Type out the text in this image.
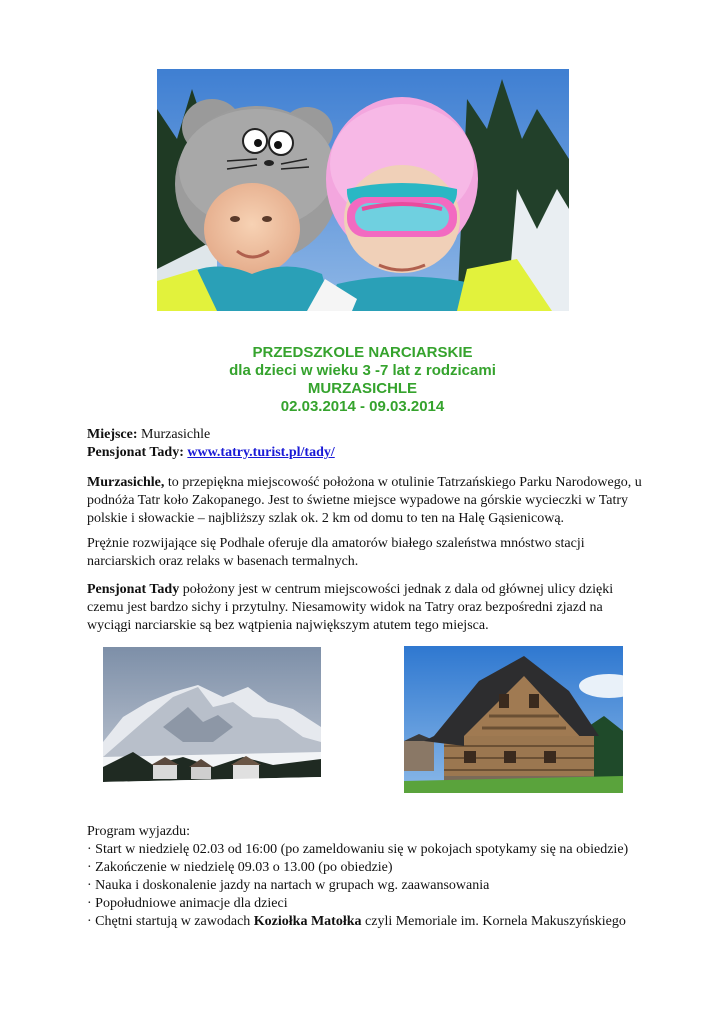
PRZEDSZKOLE NARCIARSKIE
dla dzieci w wieku 3 -7 lat z rodzicami
MURZASICHLE
02.03.2014 - 09.03.2014
Miejsce: Murzasichle
Pensjonat Tady: www.tatry.turist.pl/tady/

Murzasichle, to przepiękna miejscowość położona w otulinie Tatrzańskiego Parku Narodowego, u podnóża Tatr koło Zakopanego. Jest to świetne miejsce wypadowe na górskie wycieczki w Tatry polskie i słowackie – najbliższy szlak ok. 2 km od domu to ten na Halę Gąsienicową.

Prężnie rozwijające się Podhale oferuje dla amatorów białego szaleństwa mnóstwo stacji narciarskich oraz relaks w basenach termalnych.

Pensjonat Tady położony jest w centrum miejscowości jednak z dala od głównej ulicy dzięki czemu jest bardzo sichy i przytulny. Niesamowity widok na Tatry oraz bezpośredni zjazd na wyciągi narciarskie są bez wątpienia największym atutem tego miejsca.

Program wyjazdu:
· Start w niedzielę 02.03 od 16:00 (po zameldowaniu się w pokojach spotykamy się na obiedzie)
· Zakończenie w niedzielę 09.03 o 13.00 (po obiedzie)
· Nauka i doskonalenie jazdy na nartach w grupach wg. zaawansowania
· Popołudniowe animacje dla dzieci
· Chętni startują w zawodach Koziołka Matołka czyli Memoriale im. Kornela Makuszyńskiego
